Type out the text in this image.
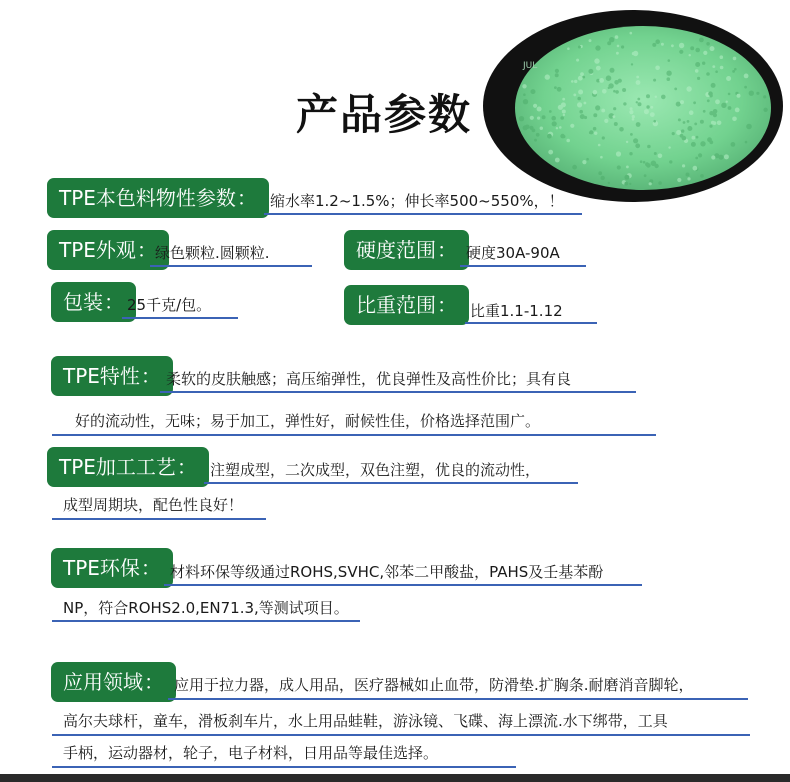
JUL
产品参数
TPE本色料物性参数： 缩水率1.2~1.5%；伸长率500~550%，！
TPE外观：
绿色颗粒.圆颗粒.	硬度范围： 硬度30A-90A
包装： 25千克/包。	比重范围： 比重1.1-1.12
TPE特性： 柔软的皮肤触感；高压缩弹性，优良弹性及高性价比；具有良
好的流动性，无味；易于加工，弹性好，耐候性佳，价格选择范围广。
TPE加工工艺： 注塑成型，二次成型，双色注塑，优良的流动性，
成型周期块，配色性良好！
TPE环保： 材料环保等级通过ROHS,SVHC,邻苯二甲酸盐，PAHS及壬基苯酚
NP，符合ROHS2.0,EN71.3,等测试项目。
应用领域： 应用于拉力器，成人用品，医疗器械如止血带，防滑垫.扩胸条.耐磨消音脚轮，
高尔夫球杆，童车，滑板刹车片，水上用品蛙鞋，游泳镜、飞碟、海上漂流.水下绑带，工具
手柄，运动器材，轮子，电子材料，日用品等最佳选择。
